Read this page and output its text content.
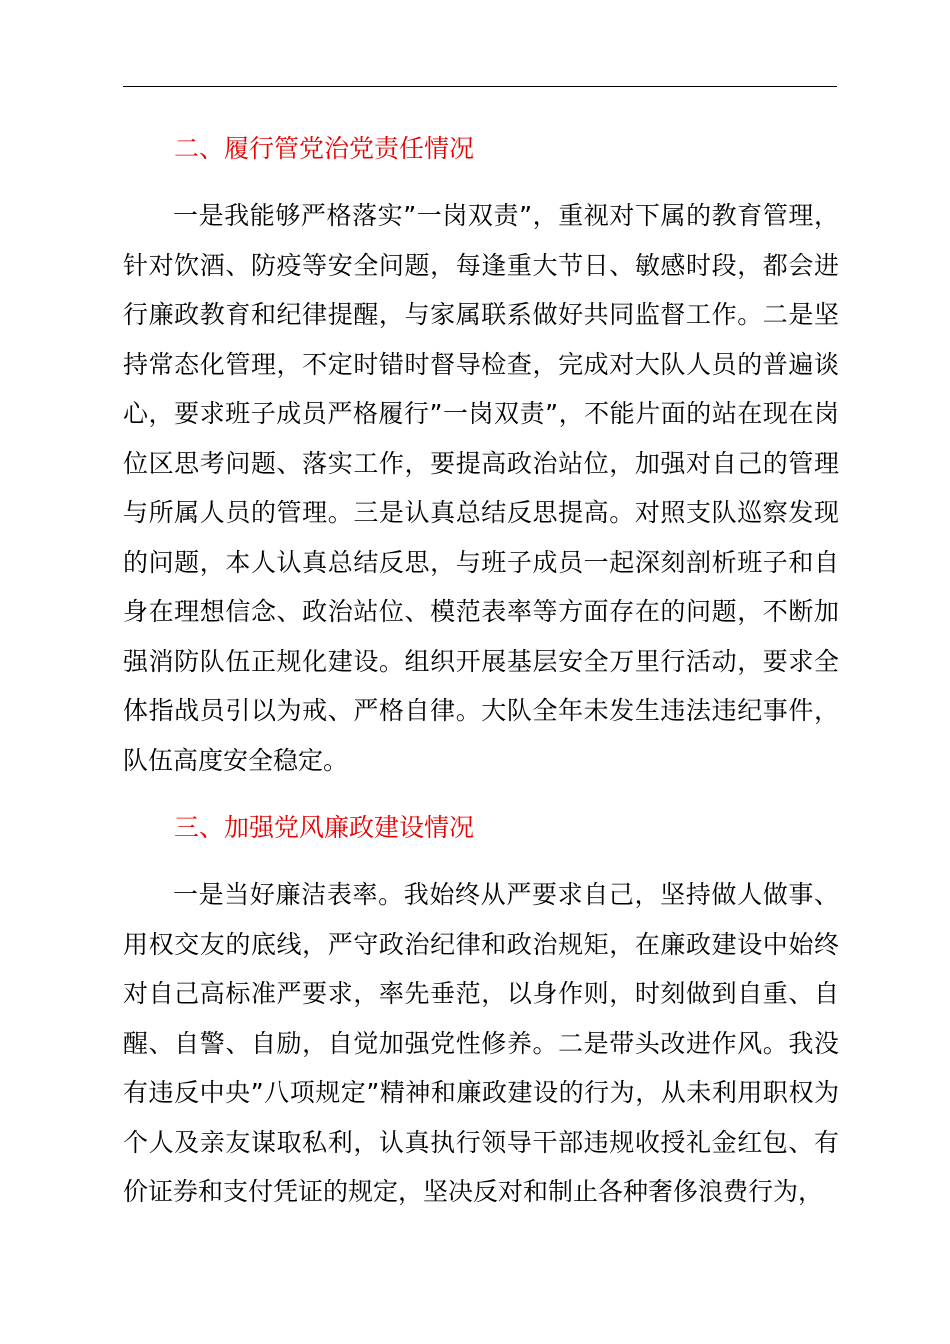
二、履行管党治党责任情况

一是我能够严格落实”一岗双责”，重视对下属的教育管理，针对饮酒、防疫等安全问题，每逢重大节日、敏感时段，都会进行廉政教育和纪律提醒，与家属联系做好共同监督工作。二是坚持常态化管理，不定时错时督导检查，完成对大队人员的普遍谈心，要求班子成员严格履行”一岗双责”，不能片面的站在现在岗位区思考问题、落实工作，要提高政治站位，加强对自己的管理与所属人员的管理。三是认真总结反思提高。对照支队巡察发现的问题，本人认真总结反思，与班子成员一起深刻剖析班子和自身在理想信念、政治站位、模范表率等方面存在的问题，不断加强消防队伍正规化建设。组织开展基层安全万里行活动，要求全体指战员引以为戒、严格自律。大队全年未发生违法违纪事件，队伍高度安全稳定。

三、加强党风廉政建设情况

一是当好廉洁表率。我始终从严要求自己，坚持做人做事、用权交友的底线，严守政治纪律和政治规矩，在廉政建设中始终对自己高标准严要求，率先垂范，以身作则，时刻做到自重、自醒、自警、自励，自觉加强党性修养。二是带头改进作风。我没有违反中央”八项规定”精神和廉政建设的行为，从未利用职权为个人及亲友谋取私利，认真执行领导干部违规收授礼金红包、有价证券和支付凭证的规定，坚决反对和制止各种奢侈浪费行为，
